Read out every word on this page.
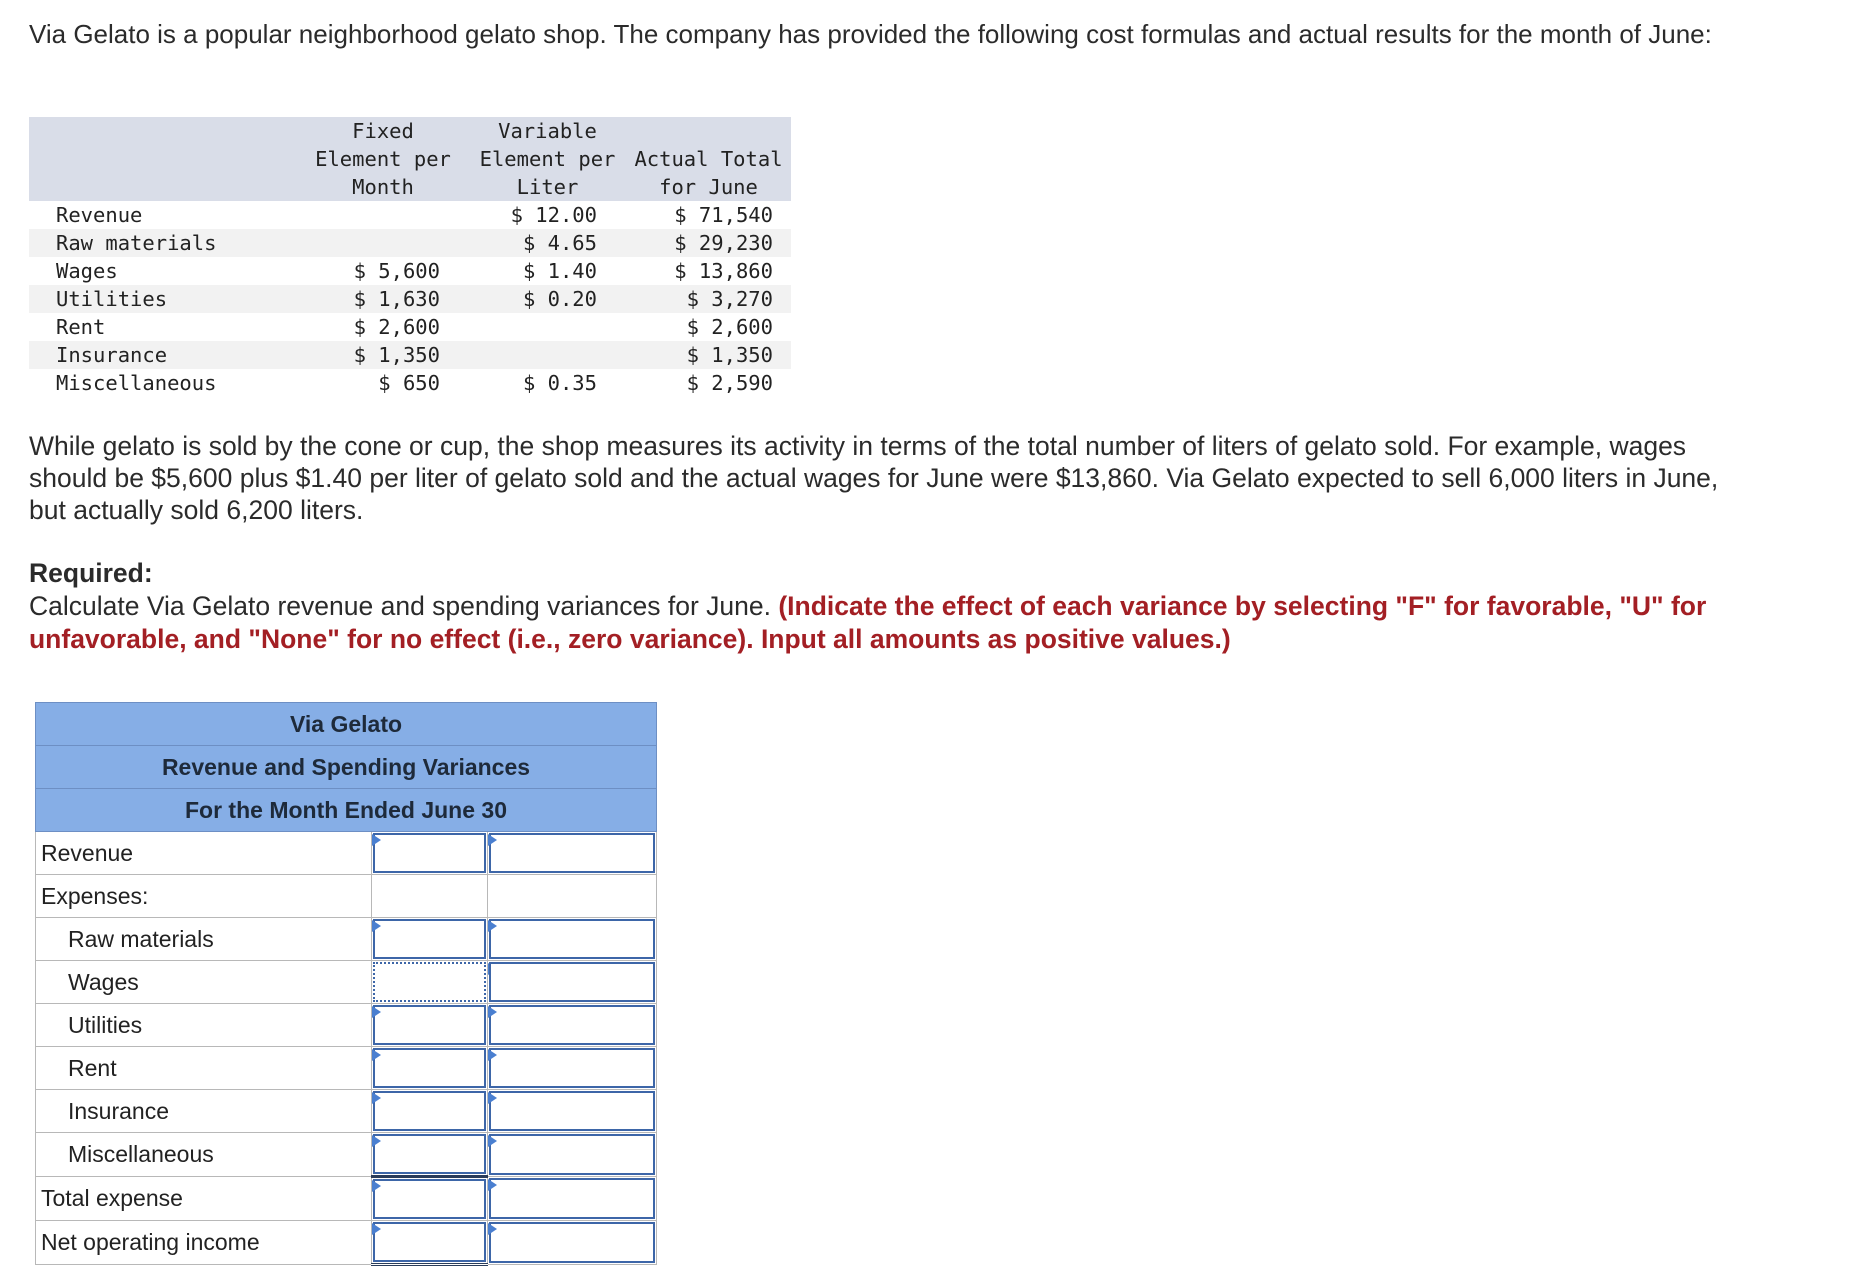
Via Gelato is a popular neighborhood gelato shop. The company has provided the following cost formulas and actual results for the month of June:

	Fixed	Variable	
	Element per	Element per	Actual Total
	Month	Liter	for June
Revenue		$ 12.00	$ 71,540
Raw materials		$ 4.65	$ 29,230
Wages	$ 5,600	$ 1.40	$ 13,860
Utilities	$ 1,630	$ 0.20	$ 3,270
Rent	$ 2,600		$ 2,600
Insurance	$ 1,350		$ 1,350
Miscellaneous	$ 650	$ 0.35	$ 2,590

While gelato is sold by the cone or cup, the shop measures its activity in terms of the total number of liters of gelato sold. For example, wages should be $5,600 plus $1.40 per liter of gelato sold and the actual wages for June were $13,860. Via Gelato expected to sell 6,000 liters in June, but actually sold 6,200 liters.

Required:

Calculate Via Gelato revenue and spending variances for June. (Indicate the effect of each variance by selecting "F" for favorable, "U" for unfavorable, and "None" for no effect (i.e., zero variance). Input all amounts as positive values.)

Via Gelato		
Revenue and Spending Variances		
For the Month Ended June 30		
Revenue	

Expenses:		
Raw materials	

Wages	

Utilities	

Rent	

Insurance	

Miscellaneous	

Total expense	

Net operating income	
